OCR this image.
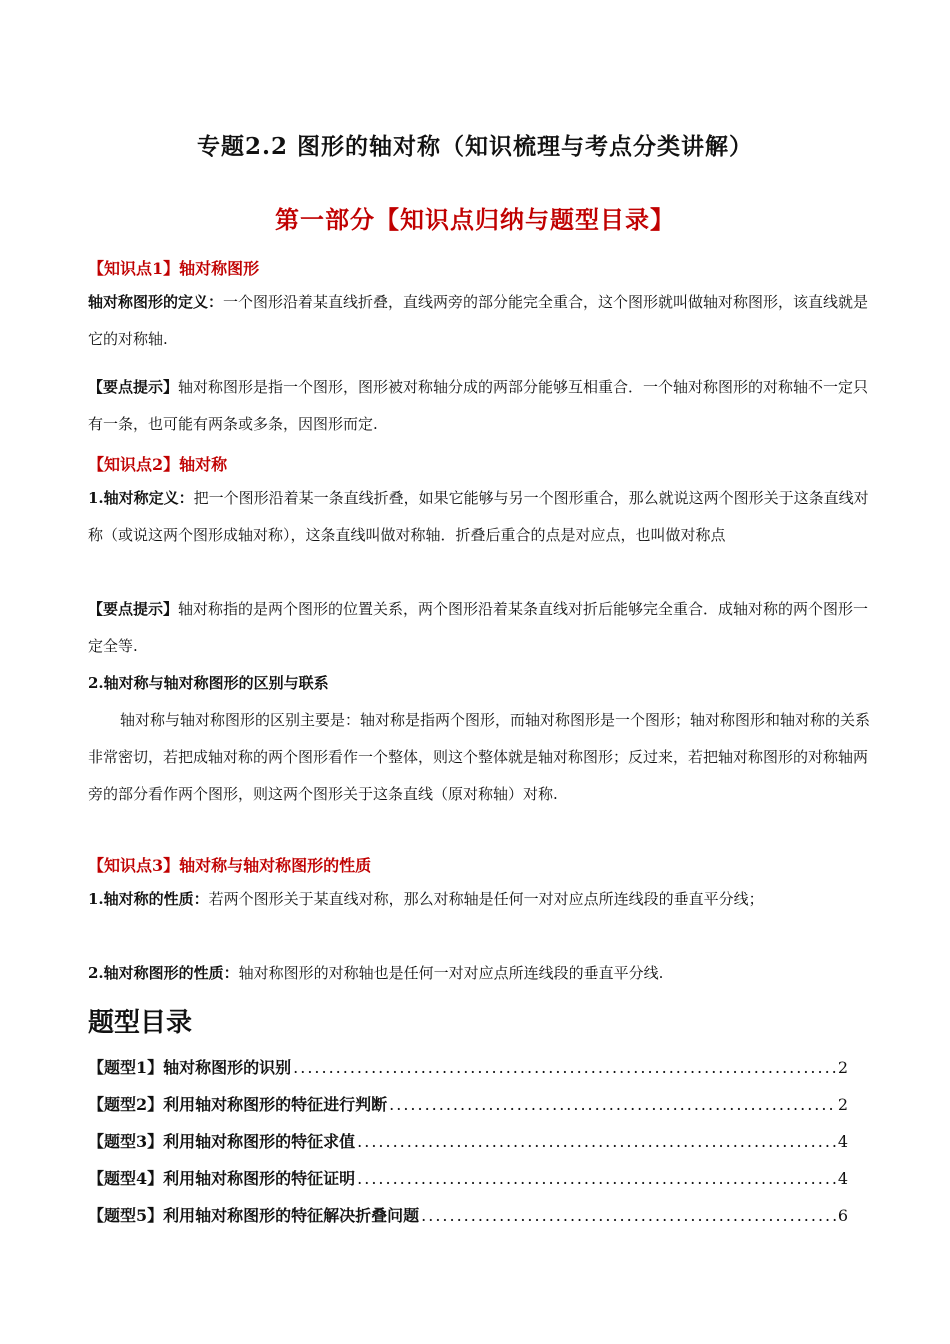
专题2.2 图形的轴对称（知识梳理与考点分类讲解）
第一部分【知识点归纳与题型目录】
【知识点1】轴对称图形
轴对称图形的定义：一个图形沿着某直线折叠，直线两旁的部分能完全重合，这个图形就叫做轴对称图形，该直线就是它的对称轴.
【要点提示】轴对称图形是指一个图形，图形被对称轴分成的两部分能够互相重合．一个轴对称图形的对称轴不一定只有一条，也可能有两条或多条，因图形而定.
【知识点2】轴对称
1.轴对称定义：把一个图形沿着某一条直线折叠，如果它能够与另一个图形重合，那么就说这两个图形关于这条直线对称（或说这两个图形成轴对称），这条直线叫做对称轴．折叠后重合的点是对应点，也叫做对称点
【要点提示】轴对称指的是两个图形的位置关系，两个图形沿着某条直线对折后能够完全重合．成轴对称的两个图形一定全等.
2.轴对称与轴对称图形的区别与联系
轴对称与轴对称图形的区别主要是：轴对称是指两个图形，而轴对称图形是一个图形；轴对称图形和轴对称的关系非常密切，若把成轴对称的两个图形看作一个整体，则这个整体就是轴对称图形；反过来，若把轴对称图形的对称轴两旁的部分看作两个图形，则这两个图形关于这条直线（原对称轴）对称.
【知识点3】轴对称与轴对称图形的性质
1.轴对称的性质：若两个图形关于某直线对称，那么对称轴是任何一对对应点所连线段的垂直平分线；
2.轴对称图形的性质：轴对称图形的对称轴也是任何一对对应点所连线段的垂直平分线.
题型目录
【题型1】轴对称图形的识别 .....	2
【题型2】利用轴对称图形的特征进行判断 .....	2
【题型3】利用轴对称图形的特征求值 .....	4
【题型4】利用轴对称图形的特征证明 .....	4
【题型5】利用轴对称图形的特征解决折叠问题 .....	6
